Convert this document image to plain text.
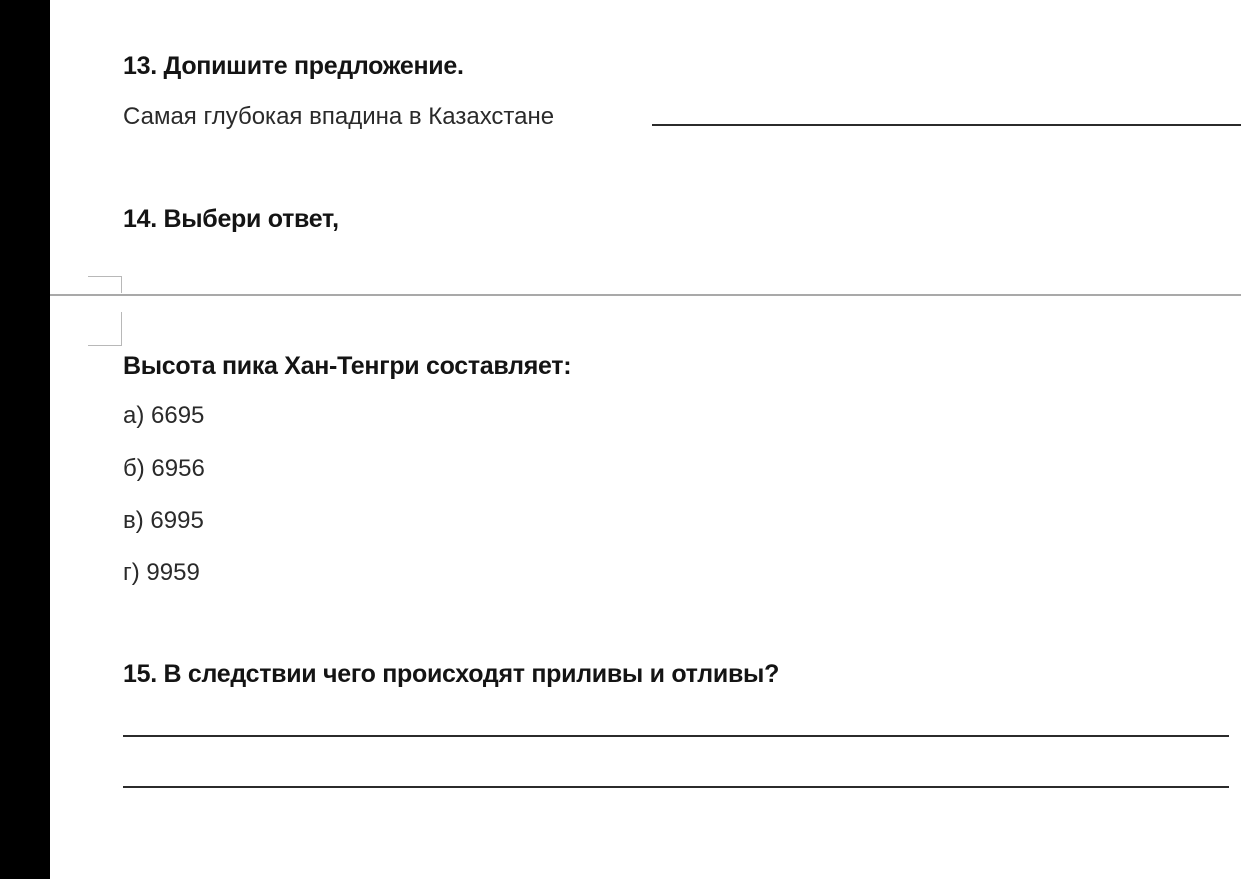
13. Допишите предложение.
Самая глубокая впадина в Казахстане
14. Выбери ответ,
Высота пика Хан-Тенгри составляет:
а) 6695
б) 6956
в) 6995
г) 9959
15. В следствии чего происходят приливы и отливы?
